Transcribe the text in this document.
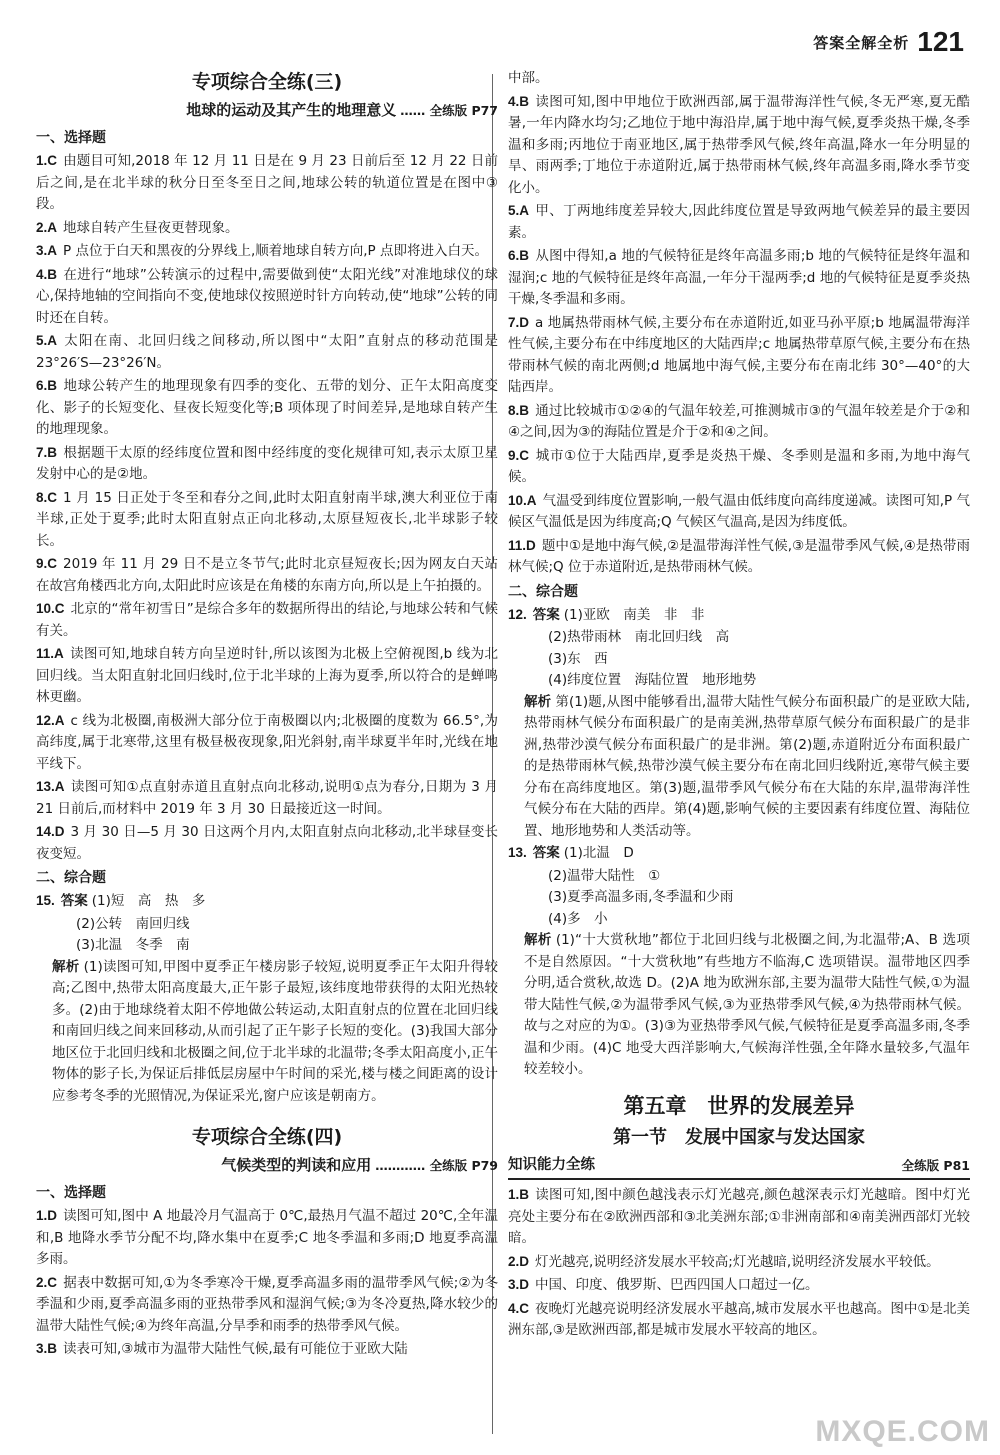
答案全解全析 121
专项综合全练(三)
地球的运动及其产生的地理意义 …… 全练版 P77
一、选择题
1.C 由题目可知,2018 年 12 月 11 日是在 9 月 23 日前后至 12 月 22 日前后之间,是在北半球的秋分日至冬至日之间,地球公转的轨道位置是在图中③段。
2.A 地球自转产生昼夜更替现象。
3.A P 点位于白天和黑夜的分界线上,顺着地球自转方向,P 点即将进入白天。
4.B 在进行“地球”公转演示的过程中,需要做到使“太阳光线”对准地球仪的球心,保持地轴的空间指向不变,使地球仪按照逆时针方向转动,使“地球”公转的同时还在自转。
5.A 太阳在南、北回归线之间移动,所以图中“太阳”直射点的移动范围是 23°26′S—23°26′N。
6.B 地球公转产生的地理现象有四季的变化、五带的划分、正午太阳高度变化、影子的长短变化、昼夜长短变化等;B 项体现了时间差异,是地球自转产生的地理现象。
7.B 根据题干太原的经纬度位置和图中经纬度的变化规律可知,表示太原卫星发射中心的是②地。
8.C 1 月 15 日正处于冬至和春分之间,此时太阳直射南半球,澳大利亚位于南半球,正处于夏季;此时太阳直射点正向北移动,太原昼短夜长,北半球影子较长。
9.C 2019 年 11 月 29 日不是立冬节气;此时北京昼短夜长;因为网友白天站在故宫角楼西北方向,太阳此时应该是在角楼的东南方向,所以是上午拍摄的。
10.C 北京的“常年初雪日”是综合多年的数据所得出的结论,与地球公转和气候有关。
11.A 读图可知,地球自转方向呈逆时针,所以该图为北极上空俯视图,b 线为北回归线。当太阳直射北回归线时,位于北半球的上海为夏季,所以符合的是蝉鸣林更幽。
12.A c 线为北极圈,南极洲大部分位于南极圈以内;北极圈的度数为 66.5°,为高纬度,属于北寒带,这里有极昼极夜现象,阳光斜射,南半球夏半年时,光线在地平线下。
13.A 读图可知①点直射赤道且直射点向北移动,说明①点为春分,日期为 3 月 21 日前后,而材料中 2019 年 3 月 30 日最接近这一时间。
14.D 3 月 30 日—5 月 30 日这两个月内,太阳直射点向北移动,北半球昼变长夜变短。
二、综合题
15. 答案 (1)短　高　热　多
(2)公转　南回归线
(3)北温　冬季　南
解析 (1)读图可知,甲图中夏季正午楼房影子较短,说明夏季正午太阳升得较高;乙图中,热带太阳高度最大,正午影子最短,该纬度地带获得的太阳光热较多。(2)由于地球绕着太阳不停地做公转运动,太阳直射点的位置在北回归线和南回归线之间来回移动,从而引起了正午影子长短的变化。(3)我国大部分地区位于北回归线和北极圈之间,位于北半球的北温带;冬季太阳高度小,正午物体的影子长,为保证后排低层房屋中午时间的采光,楼与楼之间距离的设计应参考冬季的光照情况,为保证采光,窗户应该是朝南方。
专项综合全练(四)
气候类型的判读和应用 ………… 全练版 P79
一、选择题
1.D 读图可知,图中 A 地最冷月气温高于 0℃,最热月气温不超过 20℃,全年温和,B 地降水季节分配不均,降水集中在夏季;C 地冬季温和多雨;D 地夏季高温多雨。
2.C 据表中数据可知,①为冬季寒冷干燥,夏季高温多雨的温带季风气候;②为冬季温和少雨,夏季高温多雨的亚热带季风和湿润气候;③为冬冷夏热,降水较少的温带大陆性气候;④为终年高温,分旱季和雨季的热带季风气候。
3.B 读表可知,③城市为温带大陆性气候,最有可能位于亚欧大陆
中部。
4.B 读图可知,图中甲地位于欧洲西部,属于温带海洋性气候,冬无严寒,夏无酷暑,一年内降水均匀;乙地位于地中海沿岸,属于地中海气候,夏季炎热干燥,冬季温和多雨;丙地位于南亚地区,属于热带季风气候,终年高温,降水一年分明显的旱、雨两季;丁地位于赤道附近,属于热带雨林气候,终年高温多雨,降水季节变化小。
5.A 甲、丁两地纬度差异较大,因此纬度位置是导致两地气候差异的最主要因素。
6.B 从图中得知,a 地的气候特征是终年高温多雨;b 地的气候特征是终年温和湿润;c 地的气候特征是终年高温,一年分干湿两季;d 地的气候特征是夏季炎热干燥,冬季温和多雨。
7.D a 地属热带雨林气候,主要分布在赤道附近,如亚马孙平原;b 地属温带海洋性气候,主要分布在中纬度地区的大陆西岸;c 地属热带草原气候,主要分布在热带雨林气候的南北两侧;d 地属地中海气候,主要分布在南北纬 30°—40°的大陆西岸。
8.B 通过比较城市①②④的气温年较差,可推测城市③的气温年较差是介于②和④之间,因为③的海陆位置是介于②和④之间。
9.C 城市①位于大陆西岸,夏季是炎热干燥、冬季则是温和多雨,为地中海气候。
10.A 气温受到纬度位置影响,一般气温由低纬度向高纬度递减。读图可知,P 气候区气温低是因为纬度高;Q 气候区气温高,是因为纬度低。
11.D 题中①是地中海气候,②是温带海洋性气候,③是温带季风气候,④是热带雨林气候;Q 位于赤道附近,是热带雨林气候。
二、综合题
12. 答案 (1)亚欧　南美　非　非
(2)热带雨林　南北回归线　高
(3)东　西
(4)纬度位置　海陆位置　地形地势
解析 第(1)题,从图中能够看出,温带大陆性气候分布面积最广的是亚欧大陆,热带雨林气候分布面积最广的是南美洲,热带草原气候分布面积最广的是非洲,热带沙漠气候分布面积最广的是非洲。第(2)题,赤道附近分布面积最广的是热带雨林气候,热带沙漠气候主要分布在南北回归线附近,寒带气候主要分布在高纬度地区。第(3)题,温带季风气候分布在大陆的东岸,温带海洋性气候分布在大陆的西岸。第(4)题,影响气候的主要因素有纬度位置、海陆位置、地形地势和人类活动等。
13. 答案 (1)北温　D
(2)温带大陆性　①
(3)夏季高温多雨,冬季温和少雨
(4)多　小
解析 (1)“十大赏秋地”都位于北回归线与北极圈之间,为北温带;A、B 选项不是自然原因。“十大赏秋地”有些地方不临海,C 选项错误。温带地区四季分明,适合赏秋,故选 D。(2)A 地为欧洲东部,主要为温带大陆性气候,①为温带大陆性气候,②为温带季风气候,③为亚热带季风气候,④为热带雨林气候。故与之对应的为①。(3)③为亚热带季风气候,气候特征是夏季高温多雨,冬季温和少雨。(4)C 地受大西洋影响大,气候海洋性强,全年降水量较多,气温年较差较小。
第五章　世界的发展差异
第一节　发展中国家与发达国家
知识能力全练	全练版 P81
1.B 读图可知,图中颜色越浅表示灯光越亮,颜色越深表示灯光越暗。图中灯光亮处主要分布在②欧洲西部和③北美洲东部;①非洲南部和④南美洲西部灯光较暗。
2.D 灯光越亮,说明经济发展水平较高;灯光越暗,说明经济发展水平较低。
3.D 中国、印度、俄罗斯、巴西四国人口超过一亿。
4.C 夜晚灯光越亮说明经济发展水平越高,城市发展水平也越高。图中①是北美洲东部,③是欧洲西部,都是城市发展水平较高的地区。
MXQE.COM
